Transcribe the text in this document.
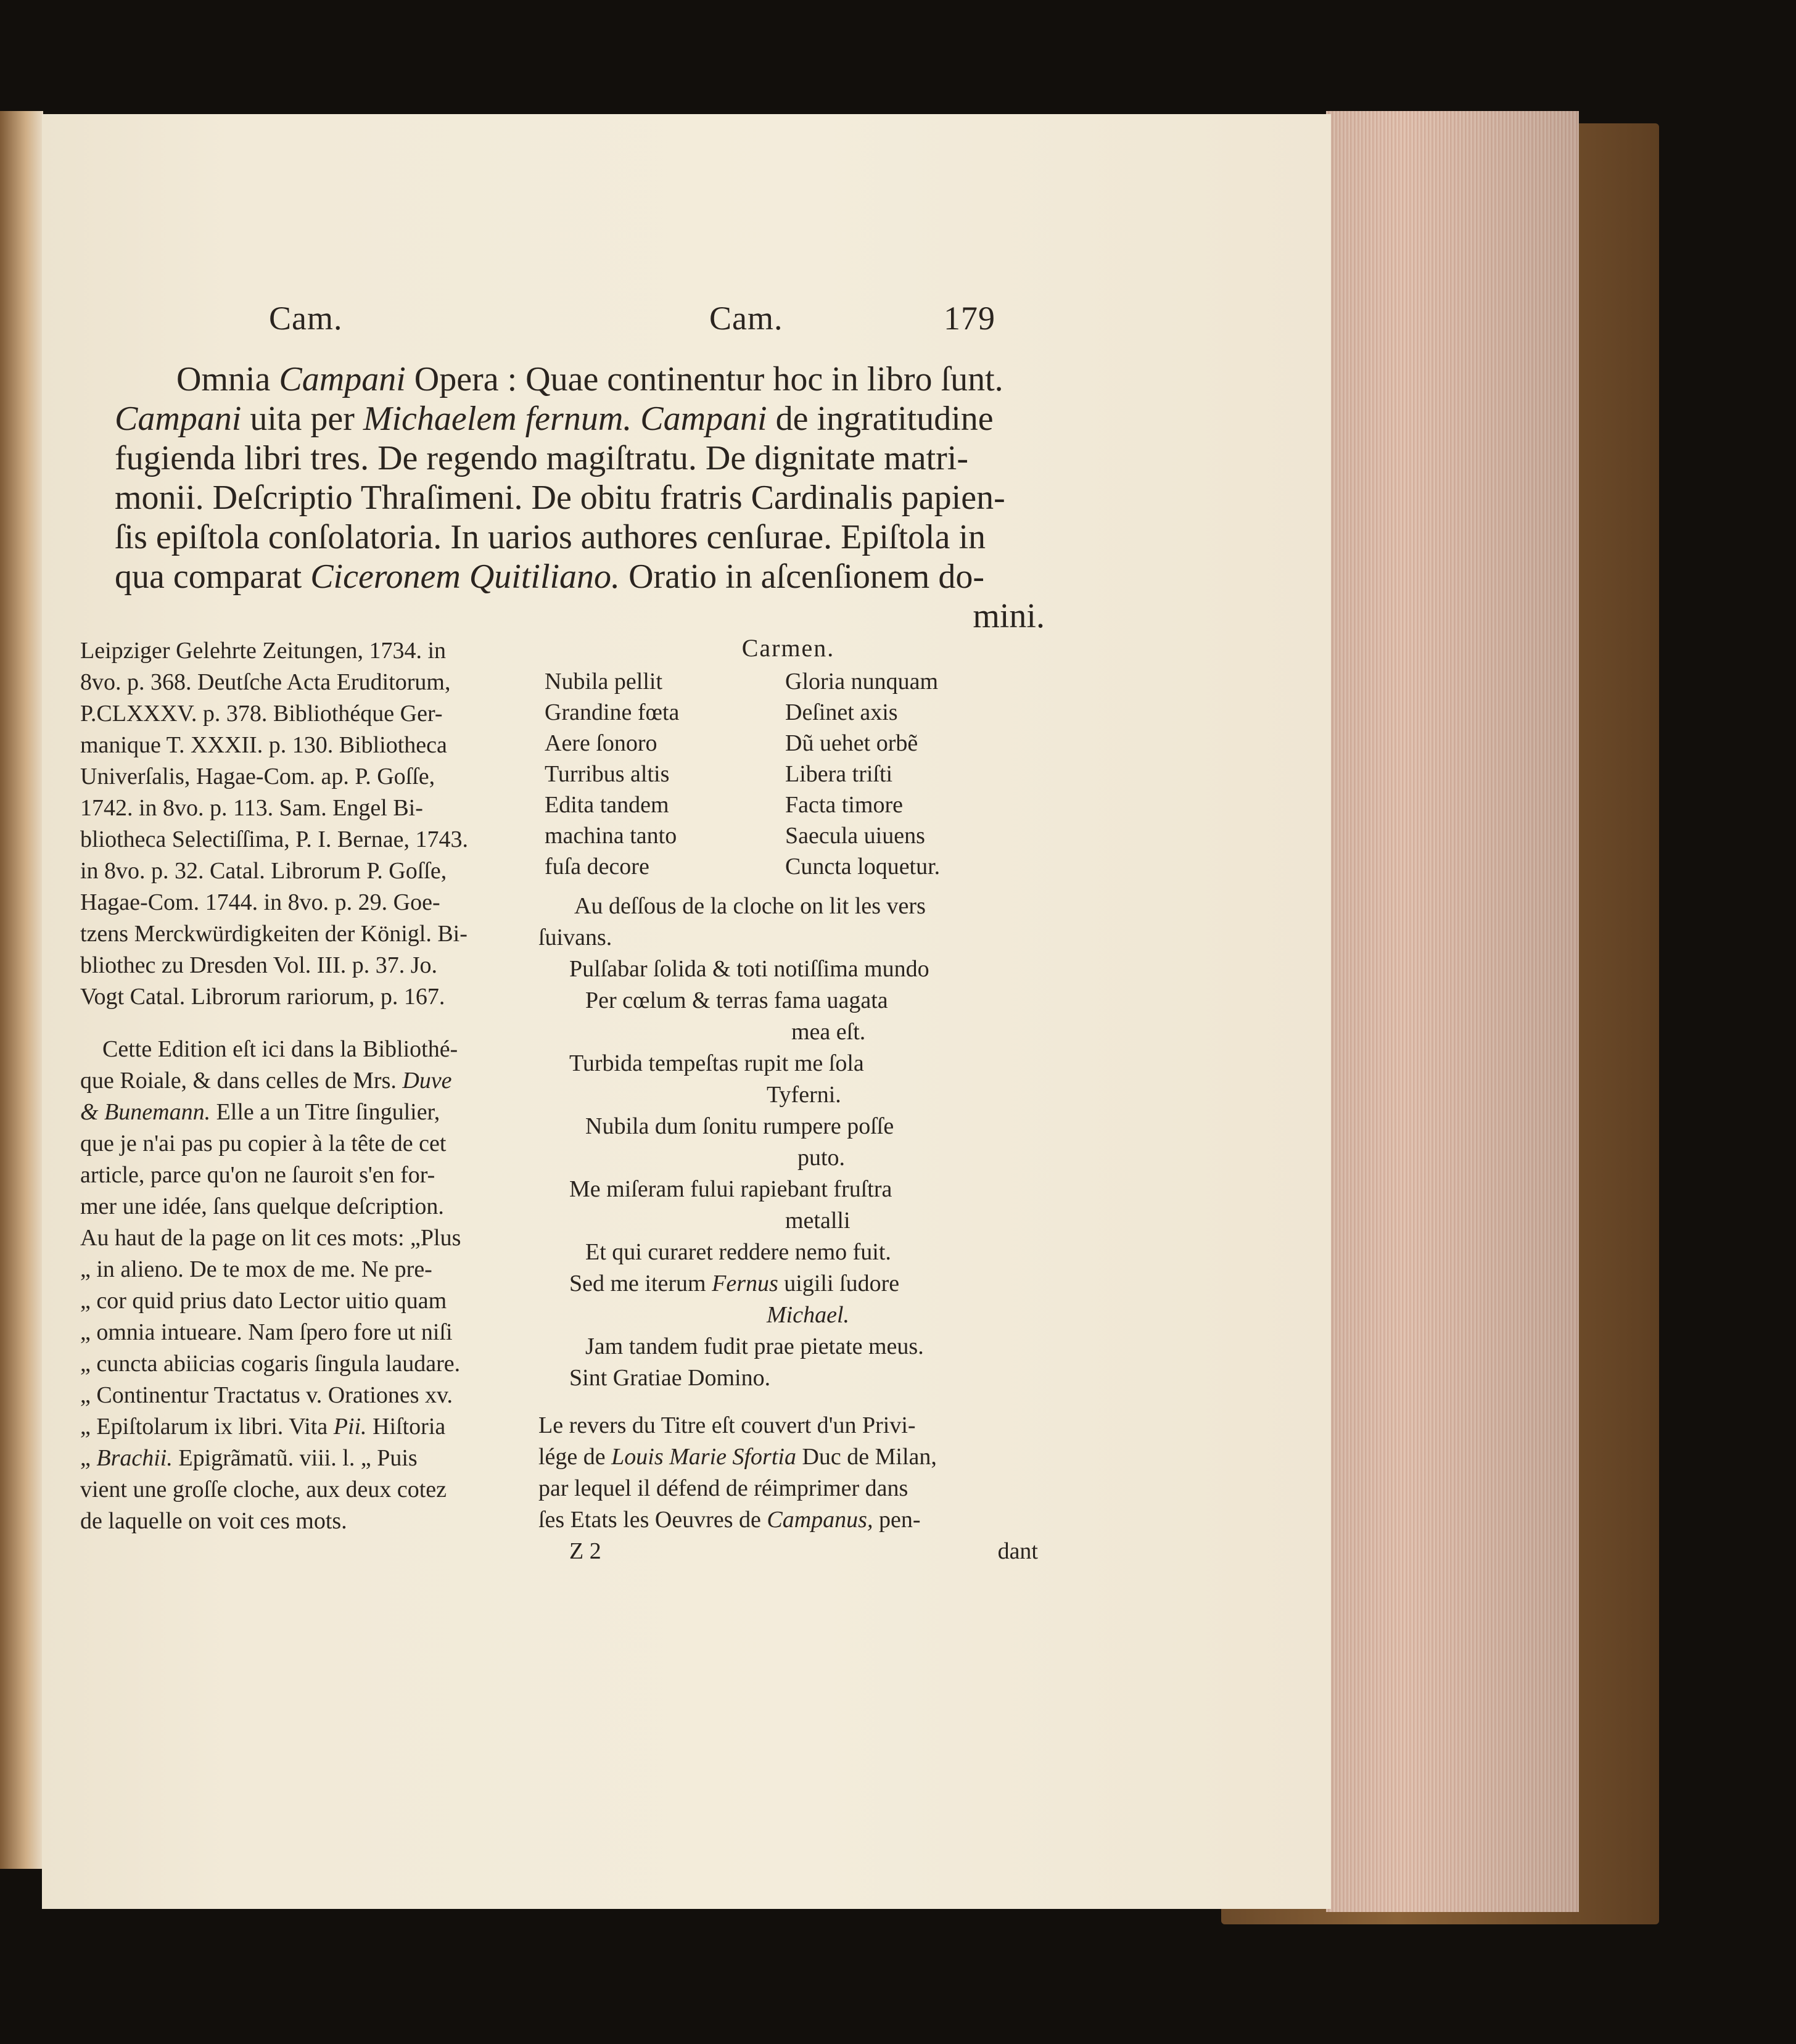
Cam.	Cam.	179
Omnia Campani Opera : Quae continentur hoc in libro ſunt.
Campani uita per Michaelem fernum. Campani de ingratitudine
fugienda libri tres. De regendo magiſtratu. De dignitate matri-
monii. Deſcriptio Thraſimeni. De obitu fratris Cardinalis papien-
ſis epiſtola conſolatoria. In uarios authores cenſurae. Epiſtola in
qua comparat Ciceronem Quitiliano. Oratio in aſcenſionem do-
mini.
Leipziger Gelehrte Zeitungen, 1734. in
8vo. p. 368. Deutſche Acta Eruditorum,
P.CLXXXV. p. 378. Bibliothéque Ger-
manique T. XXXII. p. 130. Bibliotheca
Univerſalis, Hagae-Com. ap. P. Goſſe,
1742. in 8vo. p. 113. Sam. Engel Bi-
bliotheca Selectiſſima, P. I. Bernae, 1743.
in 8vo. p. 32. Catal. Librorum P. Goſſe,
Hagae-Com. 1744. in 8vo. p. 29. Goe-
tzens Merckwürdigkeiten der Königl. Bi-
bliothec zu Dresden Vol. III. p. 37. Jo.
Vogt Catal. Librorum rariorum, p. 167.
Cette Edition eſt ici dans la Bibliothé-
que Roiale, & dans celles de Mrs. Duve
& Bunemann. Elle a un Titre ſingulier,
que je n'ai pas pu copier à la tête de cet
article, parce qu'on ne ſauroit s'en for-
mer une idée, ſans quelque deſcription.
Au haut de la page on lit ces mots: „Plus
„ in alieno. De te mox de me. Ne pre-
„ cor quid prius dato Lector uitio quam
„ omnia intueare. Nam ſpero fore ut niſi
„ cuncta abiicias cogaris ſingula laudare.
„ Continentur Tractatus v. Orationes xv.
„ Epiſtolarum ix libri. Vita Pii. Hiſtoria
„ Brachii. Epigrãmatũ. viii. l. „ Puis
vient une groſſe cloche, aux deux cotez
de laquelle on voit ces mots.
Carmen.
Nubila pellit	Gloria nunquam
Grandine fœta	Deſinet axis
Aere ſonoro	Dũ uehet orbẽ
Turribus altis	Libera triſti
Edita tandem	Facta timore
machina tanto	Saecula uiuens
fuſa decore	Cuncta loquetur.
Au deſſous de la cloche on lit les vers
ſuivans.
Pulſabar ſolida & toti notiſſima mundo
Per cœlum & terras fama uagata
mea eſt.
Turbida tempeſtas rupit me ſola
Tyferni.
Nubila dum ſonitu rumpere poſſe
puto.
Me miſeram fului rapiebant fruſtra
metalli
Et qui curaret reddere nemo fuit.
Sed me iterum Fernus uigili ſudore
Michael.
Jam tandem fudit prae pietate meus.
Sint Gratiae Domino.
Le revers du Titre eſt couvert d'un Privi-
lége de Louis Marie Sfortia Duc de Milan,
par lequel il défend de réimprimer dans
ſes Etats les Oeuvres de Campanus, pen-
Z 2	dant
